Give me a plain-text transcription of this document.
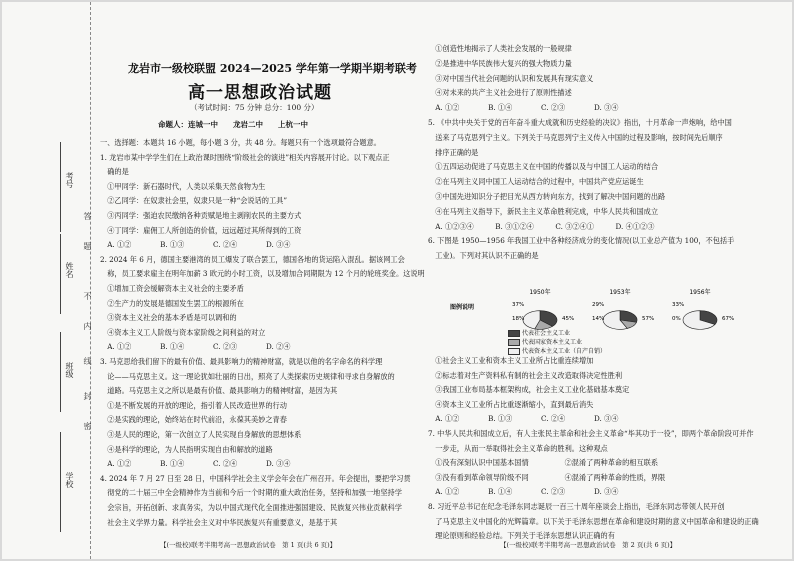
考号
姓名
班级
学校
答
题
不
内
线
封
密
龙岩市一级校联盟 2024—2025 学年第一学期半期考联考
高一思想政治试题
（考试时间：75 分钟 总分：100 分）
命题人：连城一中　　龙岩二中　　上杭一中
一、选择题：本题共 16 小题，每小题 3 分，共 48 分。每题只有一个选项最符合题意。
1. 龙岩市某中学学生们在上政治课时围绕“阶级社会的演进”相关内容展开讨论。以下观点正
　确的是
　①甲同学：新石器时代，人类以采集天然食物为生
　②乙同学：在奴隶社会里，奴隶只是一种“会说话的工具”
　③丙同学：强迫农民缴纳各种贡赋是地主剥削农民的主要方式
　④丁同学：雇佣工人所创造的价值，远远超过其所得到的工资
　A. ①②　　　　B. ①③　　　　C. ②④　　　　D. ③④
2. 2024 年 6 月，德国主要港湾的员工爆发了联合罢工，德国各地的货运陷入混乱。据该网工会
　称，员工要求雇主在明年加薪 3 欧元的小时工资，以及增加合同期限为 12 个月的轮班奖金。这说明
　①增加工资会缓解资本主义社会的主要矛盾
　②生产力的发展是德国发生罢工的根源所在
　③资本主义社会的基本矛盾是可以调和的
　④资本主义工人阶级与资本家阶级之间利益的对立
　A. ①②　　　　B. ①④　　　　C. ②③　　　　D. ②④
3. 马克思给我们留下的最有价值、最具影响力的精神财富，就是以他的名字命名的科学理
　论——马克思主义。这一理论犹如壮丽的日出，照亮了人类探索历史规律和寻求自身解放的
　道路。马克思主义之所以是最有价值、最具影响力的精神财富，是因为其
　①是不断发展的开放的理论，指引着人民改造世界的行动
　②是实践的理论，始终站在时代前沿，永葆其美妙之青春
　③是人民的理论，第一次创立了人民实现自身解放的思想体系
　④是科学的理论，为人民指明实现自由和解放的道路
　A. ①②　　　　B. ①④　　　　C. ②④　　　　D. ③④
4. 2024 年 7 月 27 日至 28 日，中国科学社会主义学会年会在广州召开。年会提出，要把学习贯
　彻党的二十届三中全会精神作为当前和今后一个时期的重大政治任务，坚持和加强一地坚持学
　会宗旨，开拓创新、求真务实，为以中国式现代化全面推进强国建设、民族复兴伟业贡献科学
　社会主义学界力量。科学社会主义对中华民族复兴有重要意义，是基于其
【(一级校)联考半期考高一思想政治试卷　第 1 页(共 6 页)】
　①创造性地揭示了人类社会发展的一般规律
　②是推进中华民族伟大复兴的强大物质力量
　③对中国当代社会问题的认识和发展具有现实意义
　④对未来的共产主义社会进行了原则性描述
　A. ①②　　　　B. ①④　　　　C. ②③　　　　D. ③④
5. 《中共中央关于党的百年奋斗重大成就和历史经验的决议》指出，十月革命一声炮响，给中国
　送来了马克思列宁主义。下列关于马克思列宁主义传入中国的过程及影响，按时间先后顺序
　排序正确的是
　①五四运动促进了马克思主义在中国的传播以及与中国工人运动的结合
　②在马列主义同中国工人运动结合的过程中，中国共产党应运诞生
　③中国先进知识分子把目光从西方转向东方，找到了解决中国问题的出路
　④在马列主义指导下，新民主主义革命胜利完成，中华人民共和国成立
　A. ①②③④　　　B. ③①②④　　　C. ③②④①　　　D. ④①②③
6. 下图是 1950—1956 年我国工业中各种经济成分的变化情况(以工业总产值为 100，不包括手
　工业)。下列对其认识不正确的是
1950年
37%
18%	45%
1953年
29%
14%	57%
1956年
33%
0%	67%
图例说明
代表社会主义工业
代表国家资本主义工业
代表资本主义工业（自产自销）
　①社会主义工业和资本主义工业所占比重连续增加
　②标志着对生产资料私有制的社会主义改造取得决定性胜利
　③我国工业布局基本框架构成，社会主义工业化基础基本奠定
　④资本主义工业所占比重逐渐缩小，直到最后消失
　A. ①②　　　　B. ①③　　　　C. ②④　　　　D. ③④
7. 中华人民共和国成立后，有人主张民主革命和社会主义革命“毕其功于一役”，即两个革命阶段可并作
　一步走，从而一举取得社会主义革命的胜利。这种观点
　①没有深刻认识中国基本国情　　　　　②混淆了两种革命的相互联系
　③没有看到革命领导阶级不同　　　　　④混淆了两种革命的性质，界限
　A. ①②　　　　B. ①④　　　　C. ②③　　　　D. ③④
8. 习近平总书记在纪念毛泽东同志诞辰一百三十周年座谈会上指出，毛泽东同志带领人民开创
　了马克思主义中国化的光辉篇章。以下关于毛泽东思想在革命和建设时期的意义中国革命和建设的正确
　理论原则和经验总结。下列关于毛泽东思想认识正确的有
【(一级校)联考半期考高一思想政治试卷　第 2 页(共 6 页)】
